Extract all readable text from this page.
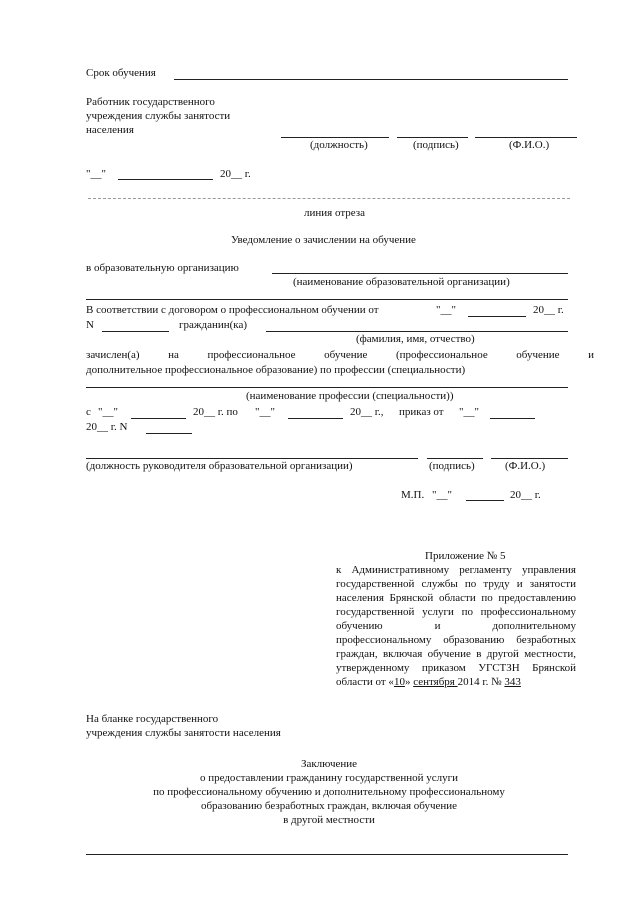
Срок обучения
Работник государственного
учреждения службы занятости
населения
(должность)	(подпись)	(Ф.И.О.)
"__"	20__ г.
линия отреза
Уведомление о зачислении на обучение
в образовательную организацию
(наименование образовательной организации)
В соответствии с договором о профессиональном обучении от	"__"	20__ г.
N	гражданин(ка)
(фамилия, имя, отчество)
зачислен(а)	на	профессиональное	обучение	(профессиональное	обучение	и
дополнительное профессиональное образование) по профессии (специальности)
(наименование профессии (специальности))
с "__"	20__ г. по "__"	20__ г., приказ от "__"
20__ г. N
(должность руководителя образовательной организации)	(подпись)	(Ф.И.О.)
М.П. "__"	20__ г.
Приложение № 5
к Административному регламенту управления
государственной службы по труду и занятости
населения Брянской области по предоставлению
государственной услуги по профессиональному
обучению	и	дополнительному
профессиональному образованию безработных
граждан, включая обучение в другой местности,
утвержденному приказом УГСТЗН Брянской
области от «10» сентября 2014 г. № 343
На бланке государственного
учреждения службы занятости населения
Заключение
о предоставлении гражданину государственной услуги
по профессиональному обучению и дополнительному профессиональному
образованию безработных граждан, включая обучение
в другой местности
